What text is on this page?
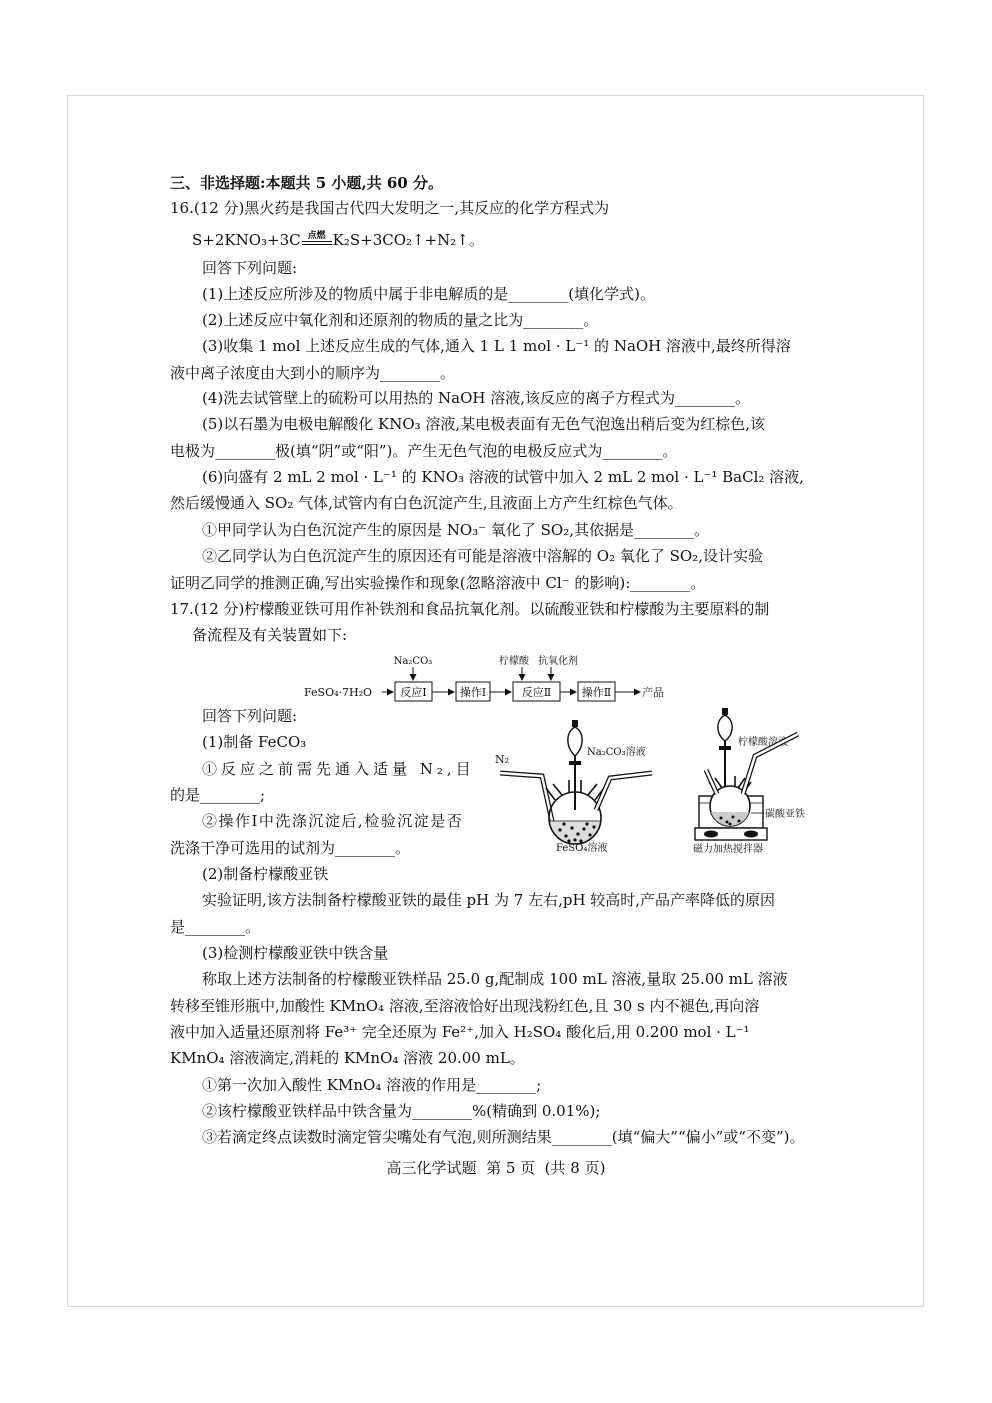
三、非选择题:本题共 5 小题,共 60 分。
16.(12 分)黑火药是我国古代四大发明之一,其反应的化学方程式为
S+2KNO₃+3C 点燃 K₂S+3CO₂↑+N₂↑。
回答下列问题:
(1)上述反应所涉及的物质中属于非电解质的是________(填化学式)。
(2)上述反应中氧化剂和还原剂的物质的量之比为________。
(3)收集 1 mol 上述反应生成的气体,通入 1 L 1 mol · L⁻¹ 的 NaOH 溶液中,最终所得溶
液中离子浓度由大到小的顺序为________。
(4)洗去试管壁上的硫粉可以用热的 NaOH 溶液,该反应的离子方程式为________。
(5)以石墨为电极电解酸化 KNO₃ 溶液,某电极表面有无色气泡逸出稍后变为红棕色,该
电极为________极(填“阴”或“阳”)。产生无色气泡的电极反应式为________。
(6)向盛有 2 mL 2 mol · L⁻¹ 的 KNO₃ 溶液的试管中加入 2 mL 2 mol · L⁻¹ BaCl₂ 溶液,
然后缓慢通入 SO₂ 气体,试管内有白色沉淀产生,且液面上方产生红棕色气体。
①甲同学认为白色沉淀产生的原因是 NO₃⁻ 氧化了 SO₂,其依据是________。
②乙同学认为白色沉淀产生的原因还有可能是溶液中溶解的 O₂ 氧化了 SO₂,设计实验
证明乙同学的推测正确,写出实验操作和现象(忽略溶液中 Cl⁻ 的影响):________。
17.(12 分)柠檬酸亚铁可用作补铁剂和食品抗氧化剂。以硫酸亚铁和柠檬酸为主要原料的制
备流程及有关装置如下:
FeSO₄·7H₂O	反应Ⅰ	操作Ⅰ	反应Ⅱ	操作Ⅱ	产品
Na₂CO₃	柠檬酸 抗氧化剂
回答下列问题:
(1)制备 FeCO₃
①反应之前需先通入适量 N₂,目
的是________;
②操作Ⅰ中洗涤沉淀后,检验沉淀是否
洗涤干净可选用的试剂为________。
N₂
Na₂CO₃溶液
FeSO₄溶液
柠檬酸溶液
碳酸亚铁
磁力加热搅拌器
(2)制备柠檬酸亚铁
实验证明,该方法制备柠檬酸亚铁的最佳 pH 为 7 左右,pH 较高时,产品产率降低的原因
是________。
(3)检测柠檬酸亚铁中铁含量
称取上述方法制备的柠檬酸亚铁样品 25.0 g,配制成 100 mL 溶液,量取 25.00 mL 溶液
转移至锥形瓶中,加酸性 KMnO₄ 溶液,至溶液恰好出现浅粉红色,且 30 s 内不褪色,再向溶
液中加入适量还原剂将 Fe³⁺ 完全还原为 Fe²⁺,加入 H₂SO₄ 酸化后,用 0.200 mol · L⁻¹
KMnO₄ 溶液滴定,消耗的 KMnO₄ 溶液 20.00 mL。
①第一次加入酸性 KMnO₄ 溶液的作用是________;
②该柠檬酸亚铁样品中铁含量为________%(精确到 0.01%);
③若滴定终点读数时滴定管尖嘴处有气泡,则所测结果________(填“偏大”“偏小”或“不变”)。
高三化学试题  第 5 页  (共 8 页)
